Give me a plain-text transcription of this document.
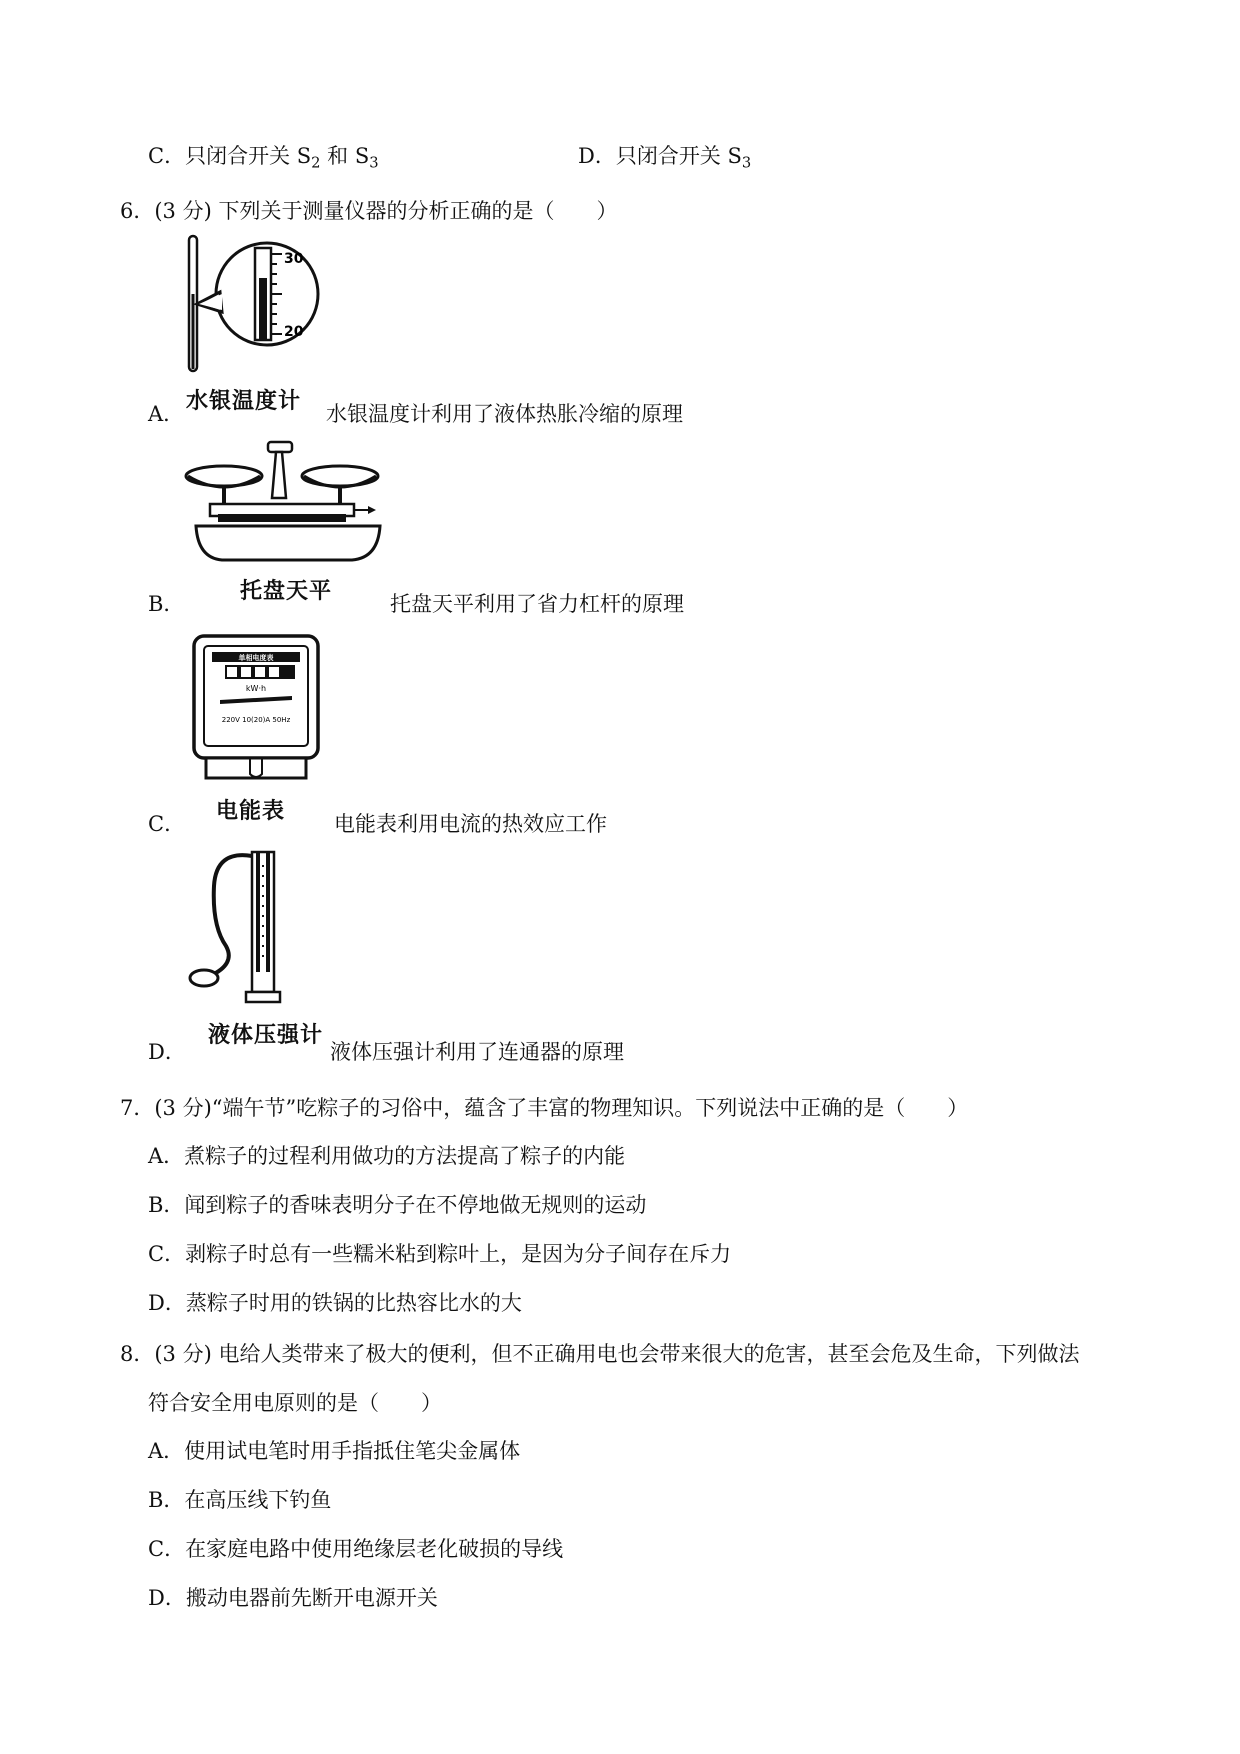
C．只闭合开关 $S_2$ 和 $S_3$	D．只闭合开关 $S_3$
6．(3 分) 下列关于测量仪器的分析正确的是（　　）
30
20
水银温度计
A．	水银温度计利用了液体热胀冷缩的原理
托盘天平
B．	托盘天平利用了省力杠杆的原理
单相电度表
kW·h
220V 10(20)A 50Hz
电能表
C．	电能表利用电流的热效应工作
液体压强计
D．	液体压强计利用了连通器的原理
7．(3 分)“端午节”吃粽子的习俗中，蕴含了丰富的物理知识。下列说法中正确的是（　　）
A．煮粽子的过程利用做功的方法提高了粽子的内能
B．闻到粽子的香味表明分子在不停地做无规则的运动
C．剥粽子时总有一些糯米粘到粽叶上，是因为分子间存在斥力
D．蒸粽子时用的铁锅的比热容比水的大
8．(3 分) 电给人类带来了极大的便利，但不正确用电也会带来很大的危害，甚至会危及生命，下列做法
符合安全用电原则的是（　　）
A．使用试电笔时用手指抵住笔尖金属体
B．在高压线下钓鱼
C．在家庭电路中使用绝缘层老化破损的导线
D．搬动电器前先断开电源开关
